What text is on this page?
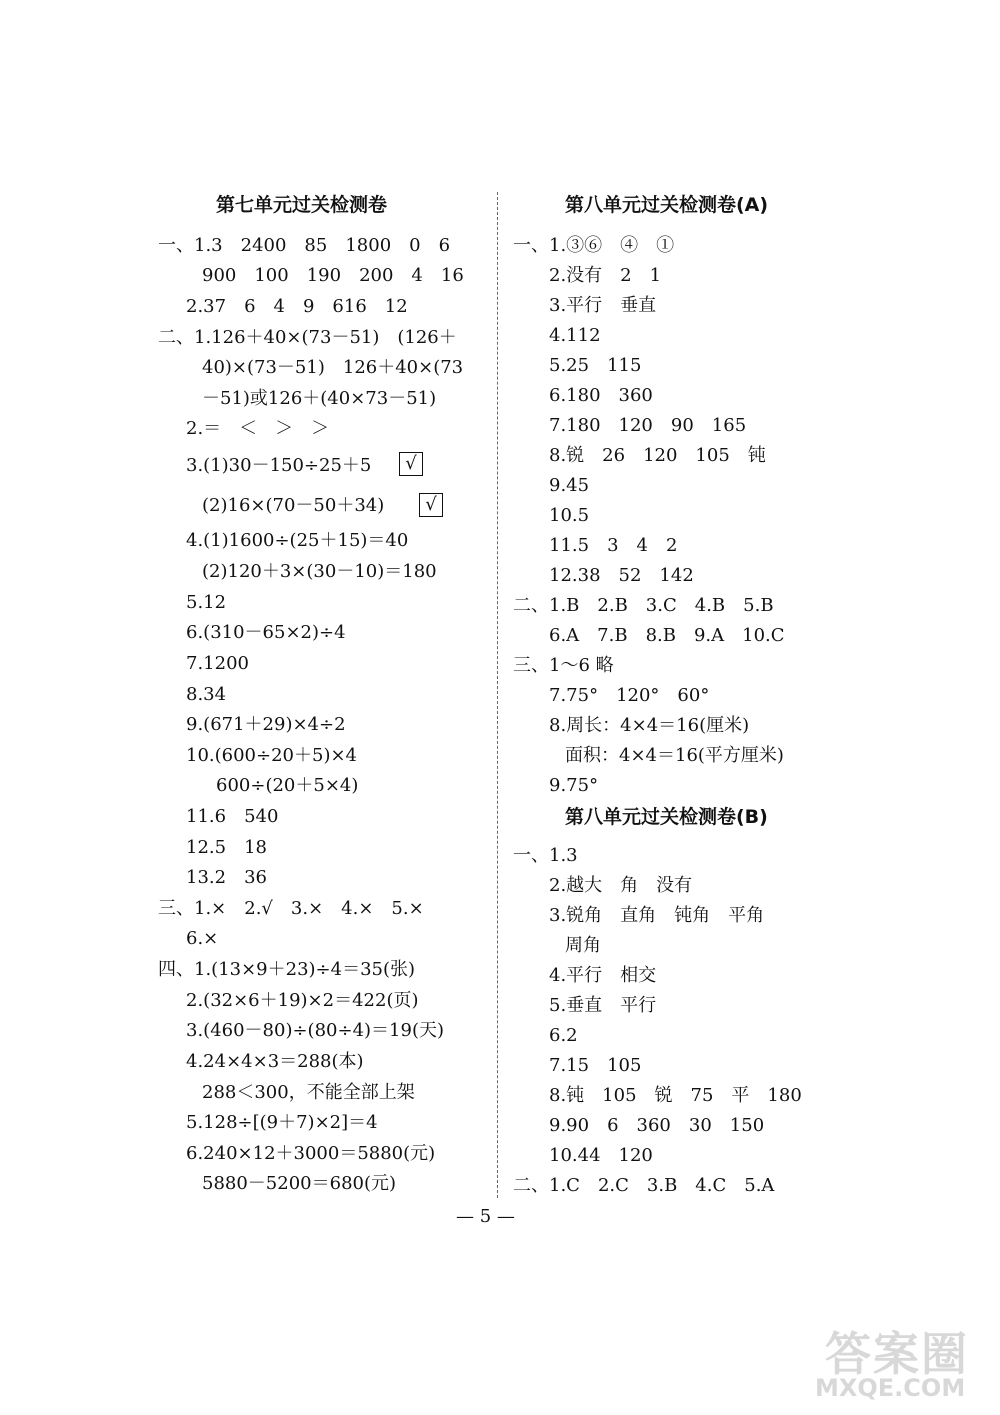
第七单元过关检测卷
一、1.3　2400　85　1800　0　6
900　100　190　200　4　16
2.37　6　4　9　616　12
二、1.126＋40×(73－51)　(126＋
40)×(73－51)　126＋40×(73
－51)或126＋(40×73－51)
2.＝　＜　＞　＞
3.(1)30－150÷25＋5	√
(2)16×(70－50＋34)	√
4.(1)1600÷(25＋15)＝40
(2)120＋3×(30－10)＝180
5.12
6.(310－65×2)÷4
7.1200
8.34
9.(671＋29)×4÷2
10.(600÷20＋5)×4
600÷(20＋5×4)
11.6　540
12.5　18
13.2　36
三、1.×　2.√　3.×　4.×　5.×
6.×
四、1.(13×9＋23)÷4＝35(张)
2.(32×6＋19)×2＝422(页)
3.(460－80)÷(80÷4)＝19(天)
4.24×4×3＝288(本)
288＜300，不能全部上架
5.128÷[(9＋7)×2]＝4
6.240×12＋3000＝5880(元)
5880－5200＝680(元)
第八单元过关检测卷(A)
一、1.③⑥　④　①
2.没有　2　1
3.平行　垂直
4.112
5.25　115
6.180　360
7.180　120　90　165
8.锐　26　120　105　钝
9.45
10.5
11.5　3　4　2
12.38　52　142
二、1.B　2.B　3.C　4.B　5.B
6.A　7.B　8.B　9.A　10.C
三、1～6 略
7.75°　120°　60°
8.周长：4×4＝16(厘米)
面积：4×4＝16(平方厘米)
9.75°
第八单元过关检测卷(B)
一、1.3
2.越大　角　没有
3.锐角　直角　钝角　平角
周角
4.平行　相交
5.垂直　平行
6.2
7.15　105
8.钝　105　锐　75　平　180
9.90　6　360　30　150
10.44　120
二、1.C　2.C　3.B　4.C　5.A
— 5 —
答案圈
MXQE.COM
